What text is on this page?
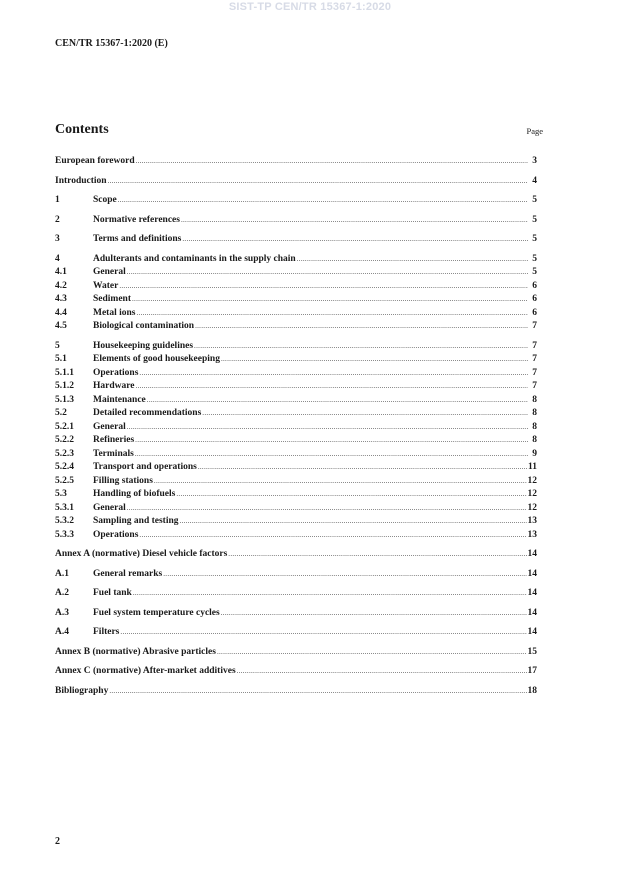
SIST-TP CEN/TR 15367-1:2020
CEN/TR 15367-1:2020 (E)
Contents	Page
European foreword .....	3
Introduction .....	4
1	Scope .....	5
2	Normative references .....	5
3	Terms and definitions .....	5
4	Adulterants and contaminants in the supply chain .....	5
4.1	General .....	5
4.2	Water .....	6
4.3	Sediment .....	6
4.4	Metal ions .....	6
4.5	Biological contamination .....	7
5	Housekeeping guidelines .....	7
5.1	Elements of good housekeeping .....	7
5.1.1	Operations .....	7
5.1.2	Hardware .....	7
5.1.3	Maintenance .....	8
5.2	Detailed recommendations .....	8
5.2.1	General .....	8
5.2.2	Refineries .....	8
5.2.3	Terminals .....	9
5.2.4	Transport and operations .....	11
5.2.5	Filling stations .....	12
5.3	Handling of biofuels .....	12
5.3.1	General .....	12
5.3.2	Sampling and testing .....	13
5.3.3	Operations .....	13
Annex A (normative) Diesel vehicle factors .....	14
A.1	General remarks .....	14
A.2	Fuel tank .....	14
A.3	Fuel system temperature cycles .....	14
A.4	Filters .....	14
Annex B (normative) Abrasive particles .....	15
Annex C (normative) After-market additives .....	17
Bibliography .....	18
2
